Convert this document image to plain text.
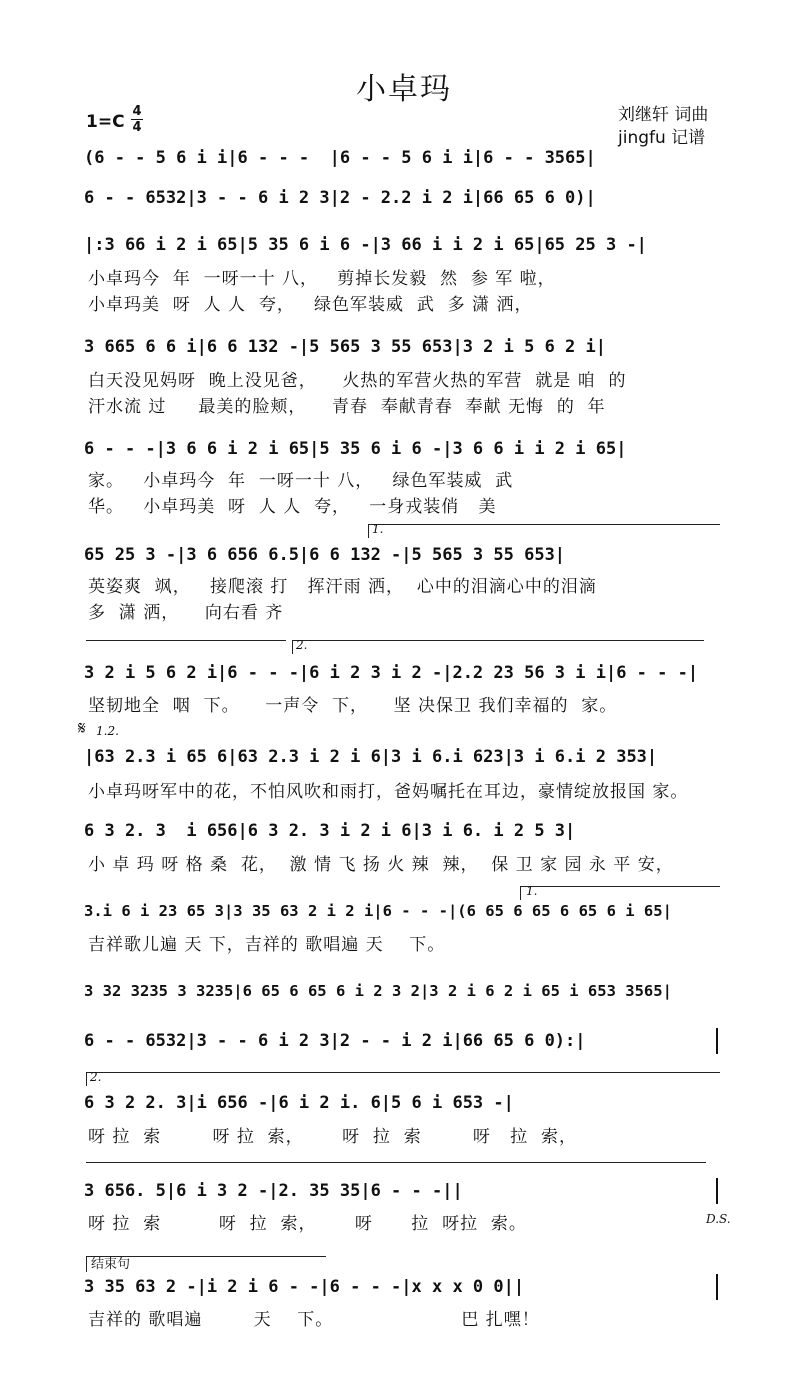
小卓玛
刘继轩 词曲
jingfu 记谱
1=C
4
4
(6 - - 5 6 i i|6 - - -  |6 - - 5 6 i i|6 - - 3565|
6 - - 6532|3 - - 6 i 2 3|2 - 2.2 i 2 i|66 65 6 0)|
|:3 66 i 2 i 65|5 35 6 i 6 -|3 66 i i 2 i 65|65 25 3 -|
小卓玛今  年  一呀一十 八，   剪掉长发毅  然  参 军 啦，
小卓玛美  呀  人 人  夸，   绿色军装威  武  多 潇 洒，
3 665 6 6 i|6 6 132 -|5 565 3 55 653|3 2 i 5 6 2 i|
白天没见妈呀  晚上没见爸，    火热的军营火热的军营  就是 咱  的
汗水流 过     最美的脸颊，    青春  奉献青春  奉献 无悔  的  年
6 - - -|3 6 6 i 2 i 65|5 35 6 i 6 -|3 6 6 i i 2 i 65|
家。   小卓玛今  年  一呀一十 八，   绿色军装威  武
华。   小卓玛美  呀  人 人  夸，   一身戎装俏   美
1.
65 25 3 -|3 6 656 6.5|6 6 132 -|5 565 3 55 653|
英姿爽  飒，   接爬滚 打   挥汗雨 洒，  心中的泪滴心中的泪滴
多  潇 洒，    向右看 齐
2.
3 2 i 5 6 2 i|6 - - -|6 i 2 3 i 2 -|2.2 23 56 3 i i|6 - - -|
坚韧地全  咽  下。    一声令  下，    坚 决保卫 我们幸福的  家。
𝄋 1.2.
|63 2.3 i 65 6|63 2.3 i 2 i 6|3 i 6.i 623|3 i 6.i 2 353|
小卓玛呀军中的花，不怕风吹和雨打，爸妈嘱托在耳边，豪情绽放报国 家。
6 3 2. 3  i 656|6 3 2. 3 i 2 i 6|3 i 6. i 2 5 3|
小 卓 玛 呀 格 桑  花，  激 情 飞 扬 火 辣  辣，  保 卫 家 园 永 平 安，
1.
3.i 6 i 23 65 3|3 35 63 2 i 2 i|6 - - -|(6 65 6 65 6 65 6 i 65|
吉祥歌儿遍 天 下，吉祥的 歌唱遍 天    下。
3 32 3235 3 3235|6 65 6 65 6 i 2 3 2|3 2 i 6 2 i 65 i 653 3565|
6 - - 6532|3 - - 6 i 2 3|2 - - i 2 i|66 65 6 0):|
2.
6 3 2 2. 3|i 656 -|6 i 2 i. 6|5 6 i 653 -|
呀 拉  索        呀 拉  索，      呀  拉  索        呀   拉  索，
3 656. 5|6 i 3 2 -|2. 35 35|6 - - -||
呀 拉  索         呀  拉  索，      呀      拉  呀拉  索。	D.S.
结束句
3 35 63 2 -|i 2 i 6 - -|6 - - -|x x x 0 0||
吉祥的 歌唱遍        天    下。                    巴 扎嘿！
